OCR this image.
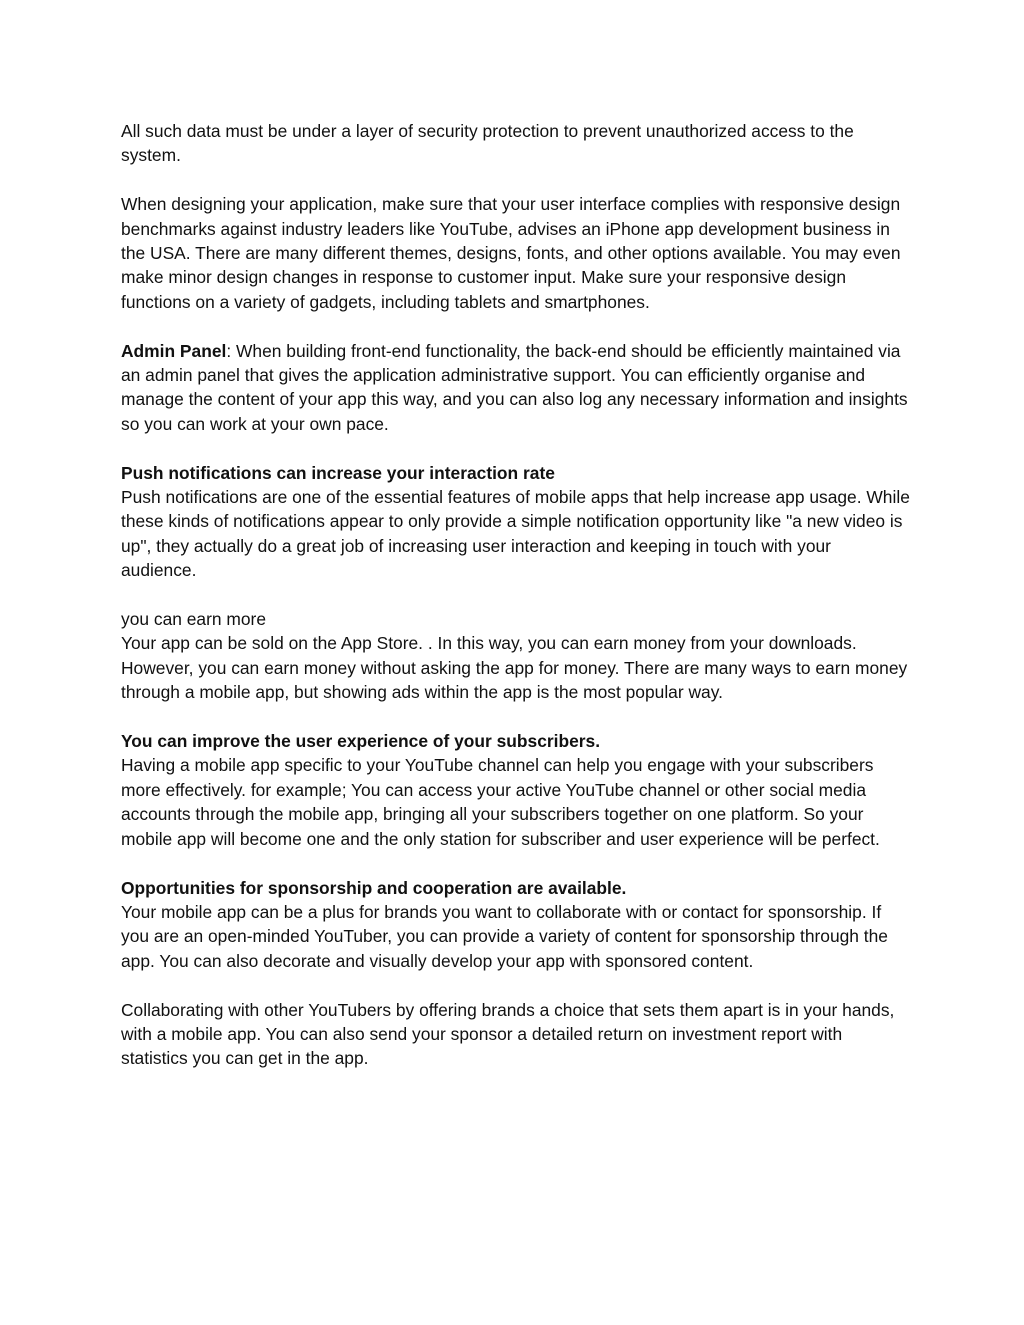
All such data must be under a layer of security protection to prevent unauthorized access to the system.

When designing your application, make sure that your user interface complies with responsive design benchmarks against industry leaders like YouTube, advises an iPhone app development business in the USA. There are many different themes, designs, fonts, and other options available. You may even make minor design changes in response to customer input. Make sure your responsive design functions on a variety of gadgets, including tablets and smartphones.

Admin Panel: When building front-end functionality, the back-end should be efficiently maintained via an admin panel that gives the application administrative support. You can efficiently organise and manage the content of your app this way, and you can also log any necessary information and insights so you can work at your own pace.

Push notifications can increase your interaction rate
Push notifications are one of the essential features of mobile apps that help increase app usage. While these kinds of notifications appear to only provide a simple notification opportunity like "a new video is up", they actually do a great job of increasing user interaction and keeping in touch with your audience.

you can earn more
Your app can be sold on the App Store. . In this way, you can earn money from your downloads. However, you can earn money without asking the app for money. There are many ways to earn money through a mobile app, but showing ads within the app is the most popular way.

You can improve the user experience of your subscribers.
Having a mobile app specific to your YouTube channel can help you engage with your subscribers more effectively. for example; You can access your active YouTube channel or other social media accounts through the mobile app, bringing all your subscribers together on one platform. So your mobile app will become one and the only station for subscriber and user experience will be perfect.

Opportunities for sponsorship and cooperation are available.
Your mobile app can be a plus for brands you want to collaborate with or contact for sponsorship. If you are an open-minded YouTuber, you can provide a variety of content for sponsorship through the app. You can also decorate and visually develop your app with sponsored content.

Collaborating with other YouTubers by offering brands a choice that sets them apart is in your hands, with a mobile app. You can also send your sponsor a detailed return on investment report with statistics you can get in the app.
